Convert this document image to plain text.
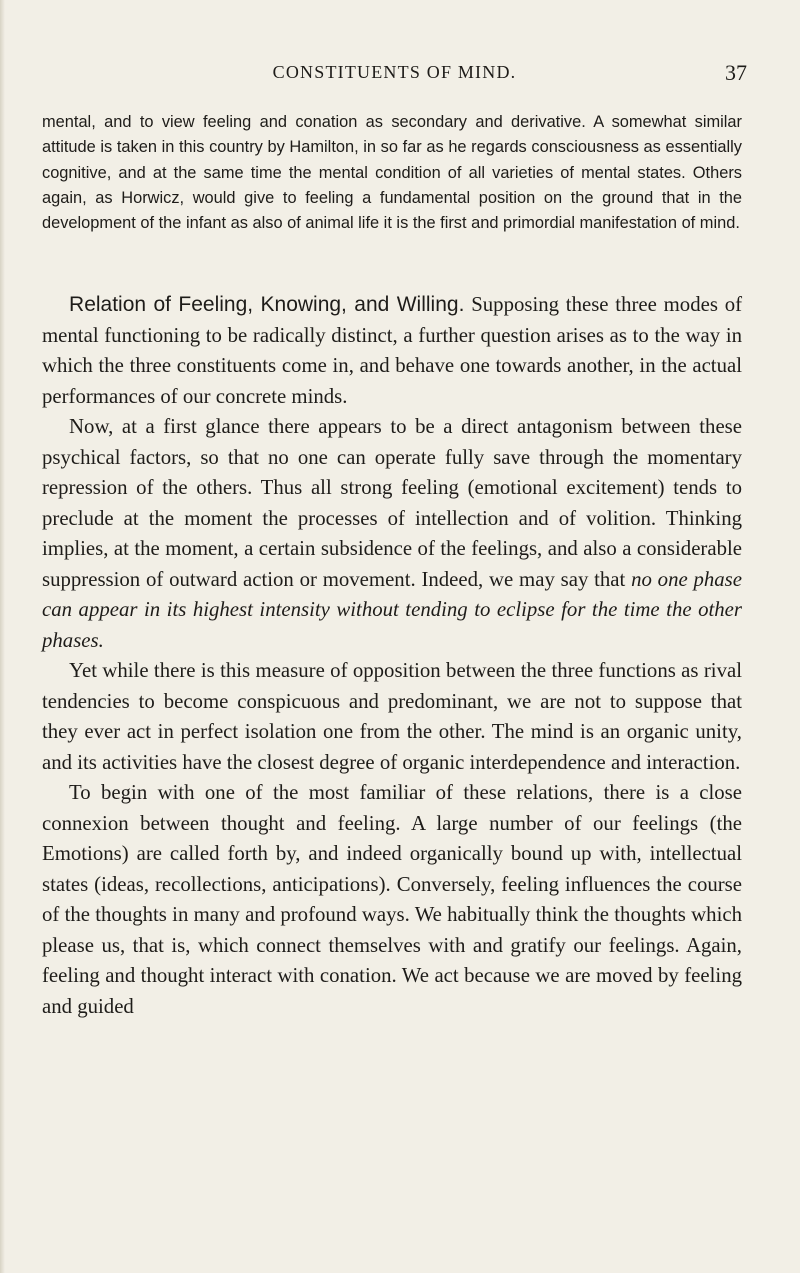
CONSTITUENTS OF MIND.	37

mental, and to view feeling and conation as secondary and derivative. A somewhat similar attitude is taken in this country by Hamilton, in so far as he regards consciousness as essentially cognitive, and at the same time the mental condition of all varieties of mental states. Others again, as Horwicz, would give to feeling a fundamental position on the ground that in the development of the infant as also of animal life it is the first and primordial manifestation of mind.

Relation of Feeling, Knowing, and Willing. Supposing these three modes of mental functioning to be radically distinct, a further question arises as to the way in which the three constituents come in, and behave one towards another, in the actual performances of our concrete minds.

Now, at a first glance there appears to be a direct antagonism between these psychical factors, so that no one can operate fully save through the momentary repression of the others. Thus all strong feeling (emotional excitement) tends to preclude at the moment the processes of intellection and of volition. Thinking implies, at the moment, a certain subsidence of the feelings, and also a considerable suppression of outward action or movement. Indeed, we may say that no one phase can appear in its highest intensity without tending to eclipse for the time the other phases.

Yet while there is this measure of opposition between the three functions as rival tendencies to become conspicuous and predominant, we are not to suppose that they ever act in perfect isolation one from the other. The mind is an organic unity, and its activities have the closest degree of organic interdependence and interaction.

To begin with one of the most familiar of these relations, there is a close connexion between thought and feeling. A large number of our feelings (the Emotions) are called forth by, and indeed organically bound up with, intellectual states (ideas, recollections, anticipations). Conversely, feeling influences the course of the thoughts in many and profound ways. We habitually think the thoughts which please us, that is, which connect themselves with and gratify our feelings. Again, feeling and thought interact with conation. We act because we are moved by feeling and guided
